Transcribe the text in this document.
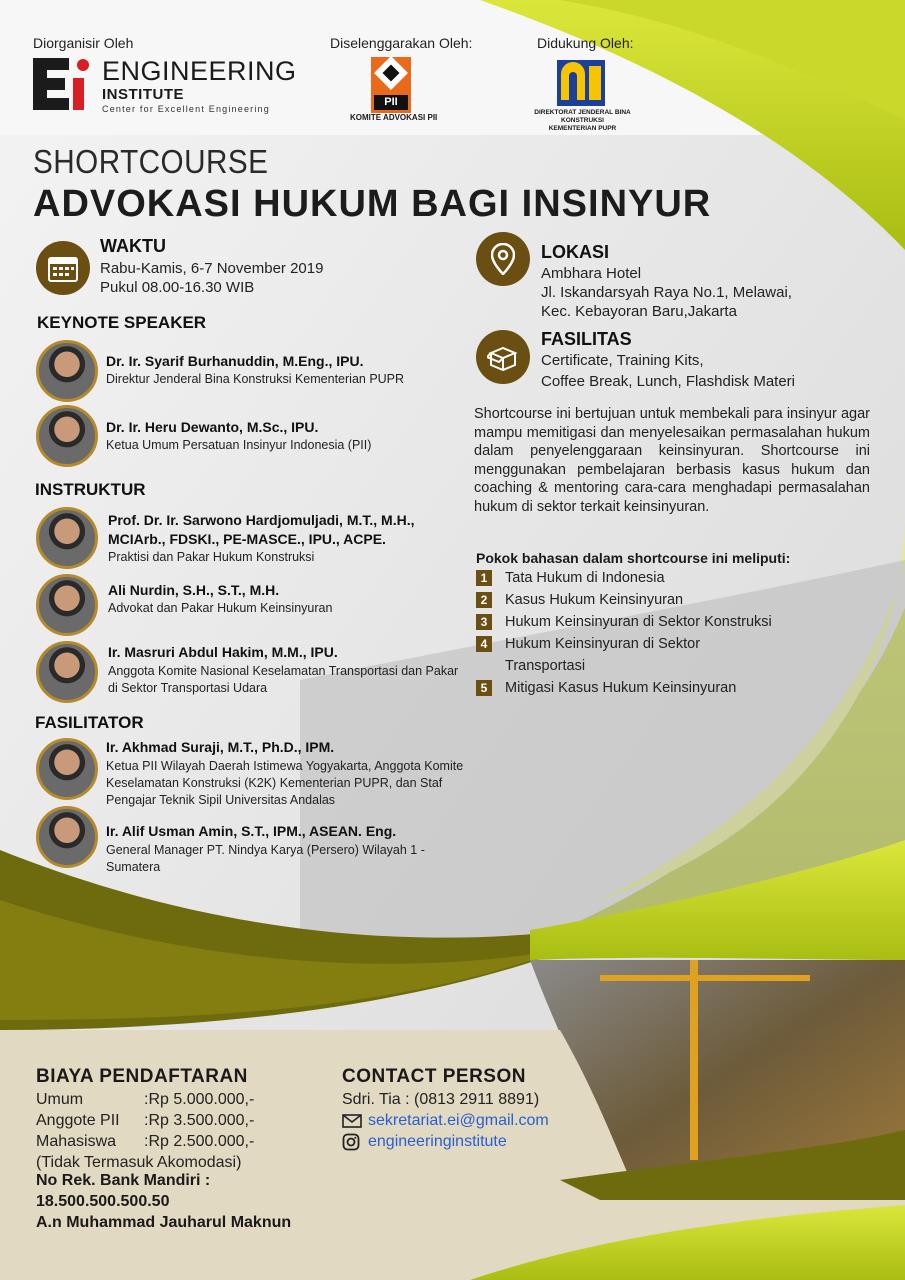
Diorganisir Oleh	Diselenggarakan Oleh:	Didukung Oleh:
ENGINEERING
INSTITUTE
Center for Excellent Engineering
PII
KOMITE ADVOKASI PII
DIREKTORAT JENDERAL BINA KONSTRUKSI
KEMENTERIAN PUPR
SHORTCOURSE
ADVOKASI HUKUM BAGI INSINYUR
WAKTU
Rabu-Kamis, 6-7 November 2019
Pukul 08.00-16.30 WIB
LOKASI
Ambhara Hotel
Jl. Iskandarsyah Raya No.1, Melawai,
Kec. Kebayoran Baru,Jakarta
FASILITAS
Certificate, Training Kits,
Coffee Break, Lunch, Flashdisk Materi
KEYNOTE SPEAKER
Dr. Ir. Syarif Burhanuddin, M.Eng., IPU.
Direktur Jenderal Bina Konstruksi Kementerian PUPR
Dr. Ir. Heru Dewanto, M.Sc., IPU.
Ketua Umum Persatuan Insinyur Indonesia (PII)
INSTRUKTUR
Prof. Dr. Ir. Sarwono Hardjomuljadi, M.T., M.H.,
MCIArb., FDSKI., PE-MASCE., IPU., ACPE.
Praktisi dan Pakar Hukum Konstruksi
Ali Nurdin, S.H., S.T., M.H.
Advokat dan Pakar Hukum Keinsinyuran
Ir. Masruri Abdul Hakim, M.M., IPU.
Anggota Komite Nasional Keselamatan Transportasi dan Pakar
di Sektor Transportasi Udara
FASILITATOR
Ir. Akhmad Suraji, M.T., Ph.D., IPM.
Ketua PII Wilayah Daerah Istimewa Yogyakarta, Anggota Komite
Keselamatan Konstruksi (K2K) Kementerian PUPR, dan Staf
Pengajar Teknik Sipil Universitas Andalas
Ir. Alif Usman Amin, S.T., IPM., ASEAN. Eng.
General Manager PT. Nindya Karya (Persero) Wilayah 1 -
Sumatera
Shortcourse ini bertujuan untuk membekali para insinyur agar mampu memitigasi dan menyelesaikan permasalahan hukum dalam penyelenggaraan keinsinyuran. Shortcourse ini menggunakan pembelajaran berbasis kasus hukum dan coaching & mentoring cara-cara menghadapi permasalahan hukum di sektor terkait keinsinyuran.
Pokok bahasan dalam shortcourse ini meliputi:
1	Tata Hukum di Indonesia
2	Kasus Hukum Keinsinyuran
3	Hukum Keinsinyuran di Sektor Konstruksi
4	Hukum Keinsinyuran di Sektor
Transportasi
5	Mitigasi Kasus Hukum Keinsinyuran
BIAYA PENDAFTARAN
Umum	:Rp 5.000.000,-
Anggote PII :Rp 3.500.000,-
Mahasiswa :Rp 2.500.000,-
(Tidak Termasuk Akomodasi)
No Rek. Bank Mandiri :
18.500.500.500.50
A.n Muhammad Jauharul Maknun
CONTACT PERSON
Sdri. Tia : (0813 2911 8891)
sekretariat.ei@gmail.com
engineeringinstitute
